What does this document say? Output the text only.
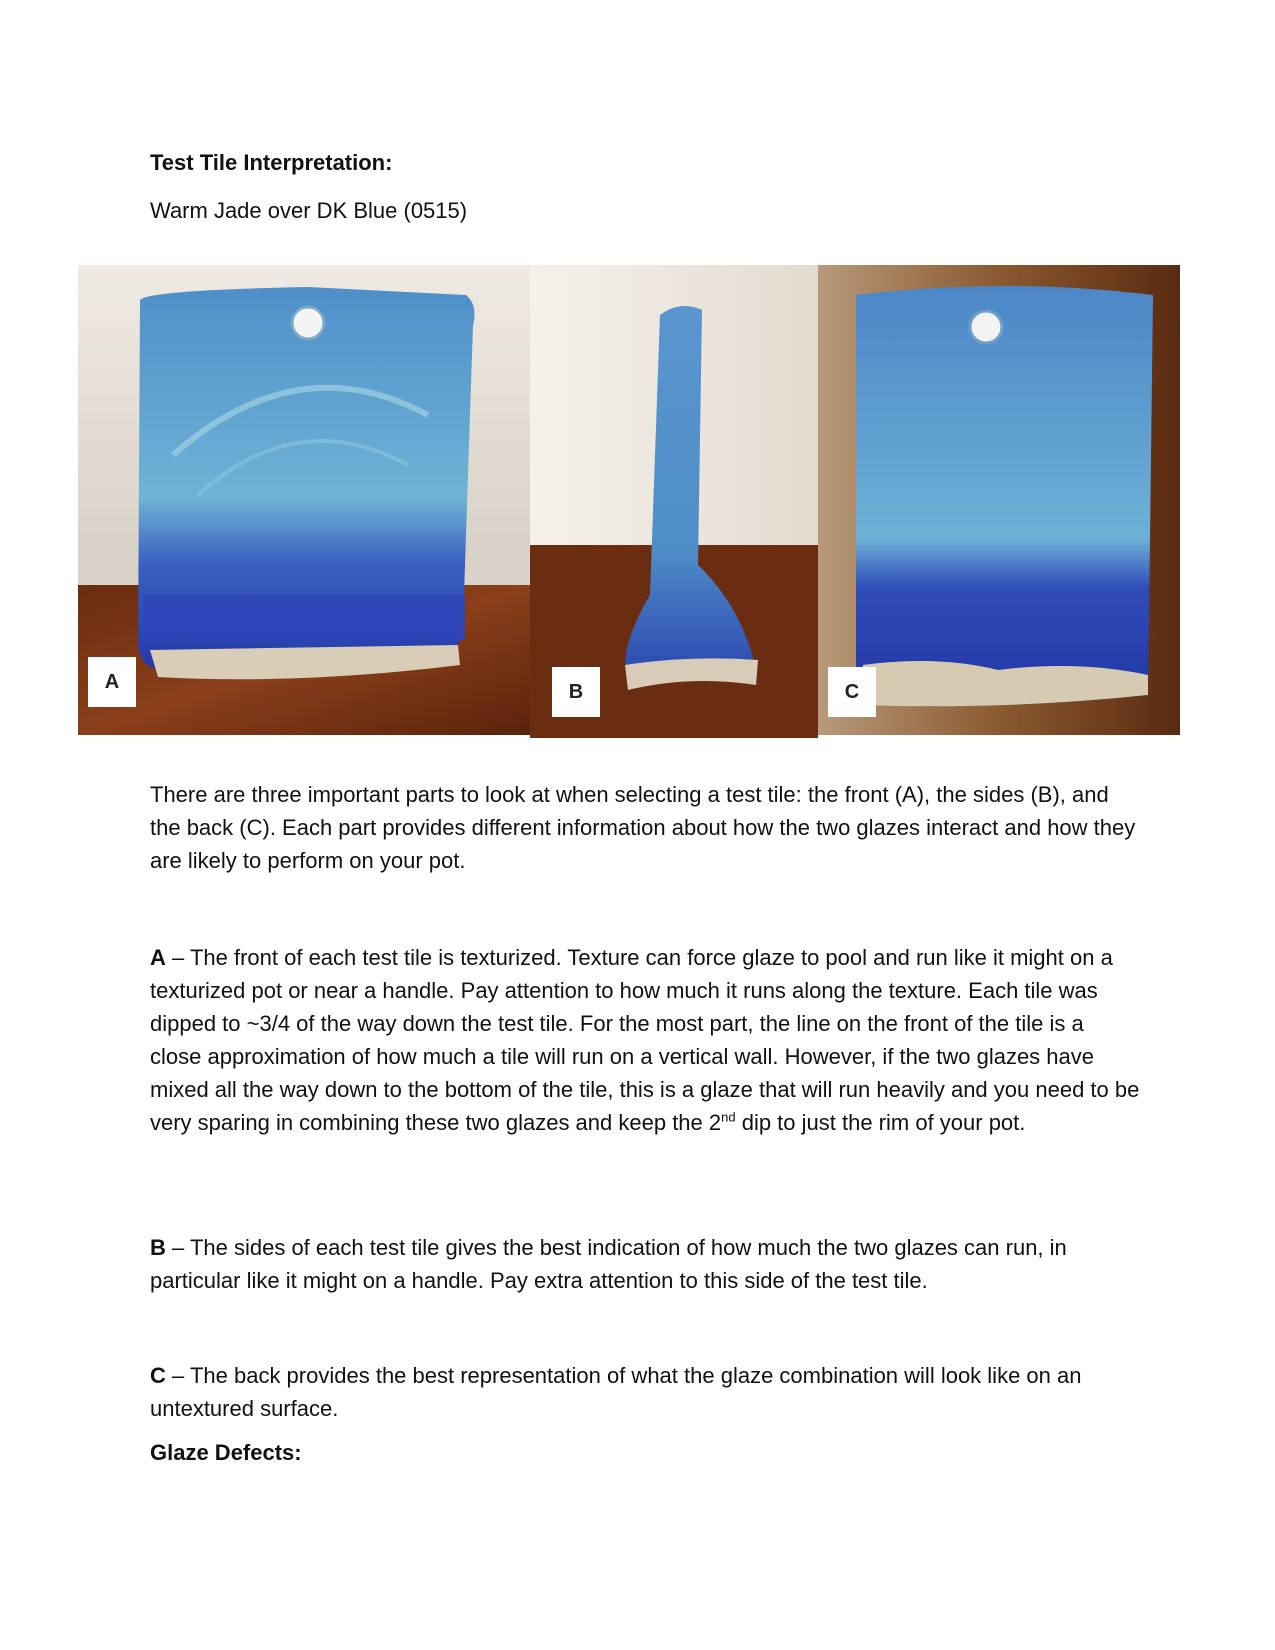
Test Tile Interpretation:
Warm Jade over DK Blue (0515)
A	B	C

There are three important parts to look at when selecting a test tile: the front (A), the sides (B), and the back (C). Each part provides different information about how the two glazes interact and how they are likely to perform on your pot.

A – The front of each test tile is texturized. Texture can force glaze to pool and run like it might on a texturized pot or near a handle. Pay attention to how much it runs along the texture. Each tile was dipped to ~3/4 of the way down the test tile. For the most part, the line on the front of the tile is a close approximation of how much a tile will run on a vertical wall. However, if the two glazes have mixed all the way down to the bottom of the tile, this is a glaze that will run heavily and you need to be very sparing in combining these two glazes and keep the 2nd dip to just the rim of your pot.

B – The sides of each test tile gives the best indication of how much the two glazes can run, in particular like it might on a handle. Pay extra attention to this side of the test tile.

C – The back provides the best representation of what the glaze combination will look like on an untextured surface.

Glaze Defects:
